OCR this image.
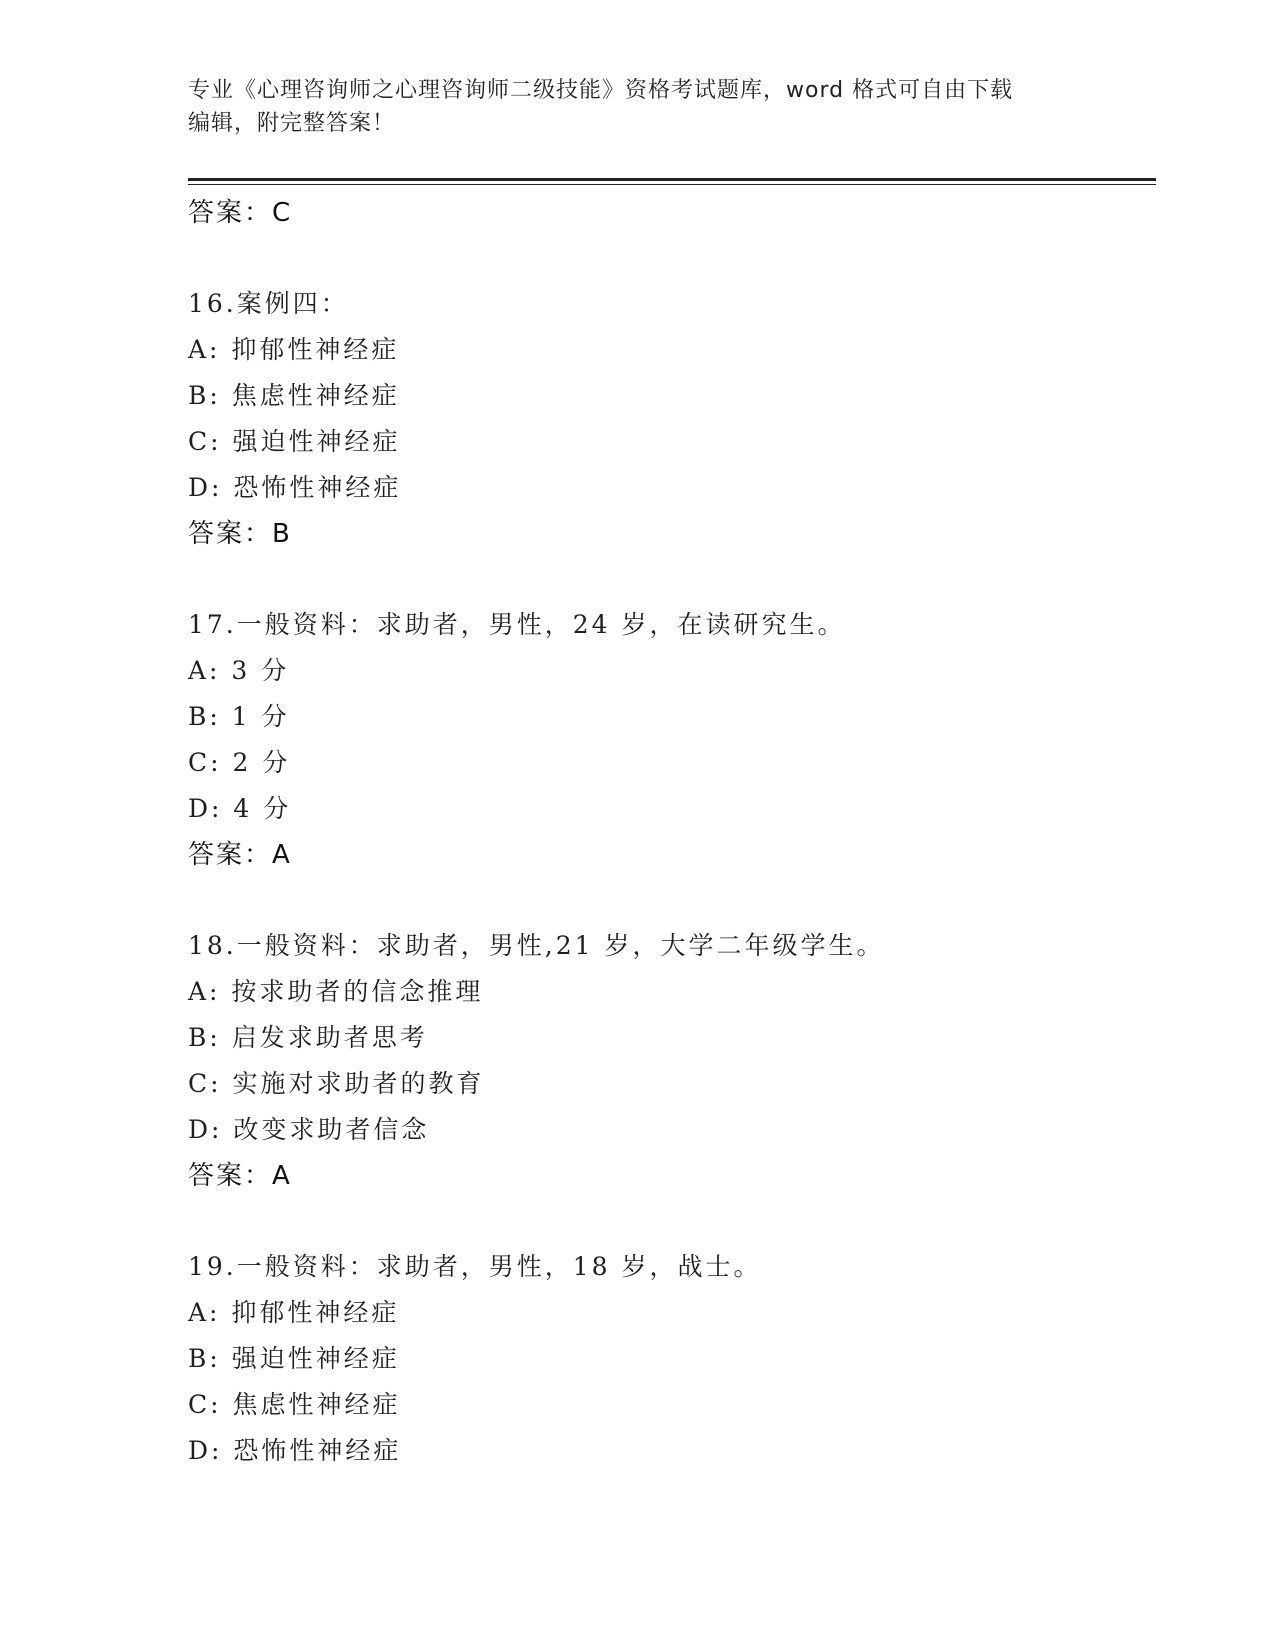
专业《心理咨询师之心理咨询师二级技能》资格考试题库，word 格式可自由下载
编辑，附完整答案！
答案：C
16.案例四：
A: 抑郁性神经症
B: 焦虑性神经症
C: 强迫性神经症
D: 恐怖性神经症
答案：B
17.一般资料：求助者，男性，24 岁，在读研究生。
A: 3 分
B: 1 分
C: 2 分
D: 4 分
答案：A
18.一般资料：求助者，男性,21 岁，大学二年级学生。
A: 按求助者的信念推理
B: 启发求助者思考
C: 实施对求助者的教育
D: 改变求助者信念
答案：A
19.一般资料：求助者，男性，18 岁，战士。
A: 抑郁性神经症
B: 强迫性神经症
C: 焦虑性神经症
D: 恐怖性神经症
